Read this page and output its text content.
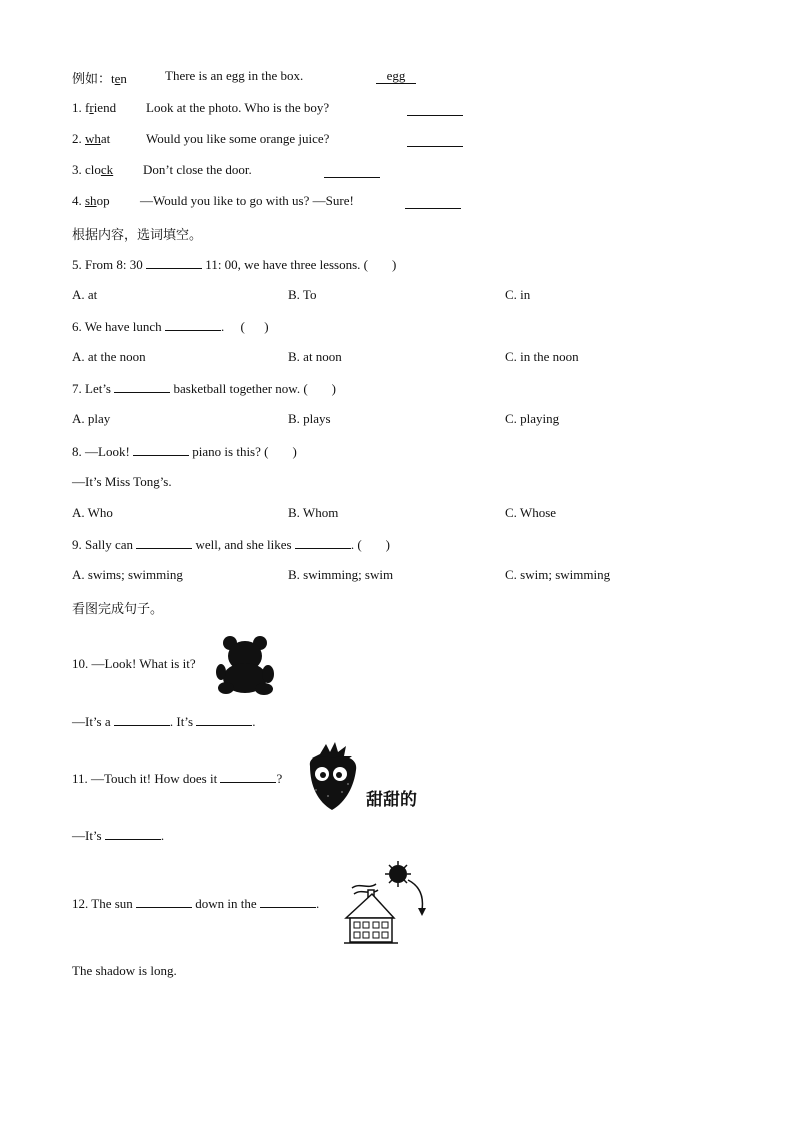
例如：ten	There is an egg in the box.	egg
1. friend Look at the photo. Who is the boy?
2. what	Would you like some orange juice?
3. clock Don’t close the door.
4. shop —Would you like to go with us? —Sure!
根据内容，选词填空。
5. From 8: 30	11: 00, we have three lessons. ( )
A. at	B. To	C. in
6. We have lunch	. (      )
A. at the noon	B. at noon	C. in the noon
7. Let’s	basketball together now. ( )
A. play	B. plays	C. playing
8. —Look!	piano is this? ( )
—It’s Miss Tong’s.
A. Who	B. Whom	C. Whose
9. Sally can	well, and she likes	. ( )
A. swims; swimming	B. swimming; swim	C. swim; swimming
看图完成句子。
10. —Look! What is it?
—It’s a	. It’s	.
11. —Touch it! How does it	?
甜甜的
—It’s	.
12. The sun	down in the	.
The shadow is long.
